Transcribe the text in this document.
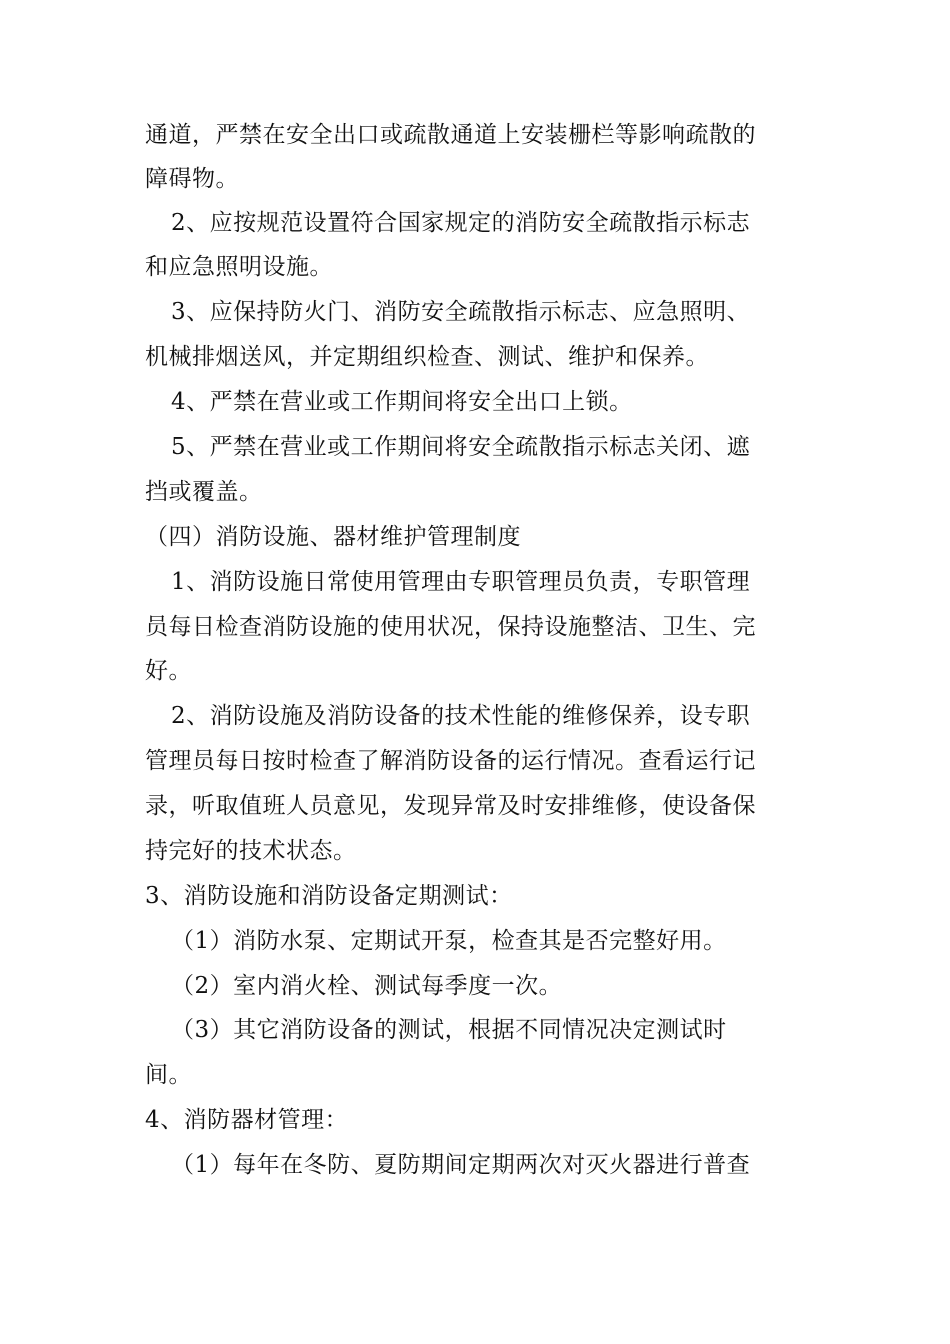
通道，严禁在安全出口或疏散通道上安装栅栏等影响疏散的
障碍物。
2、应按规范设置符合国家规定的消防安全疏散指示标志
和应急照明设施。
3、应保持防火门、消防安全疏散指示标志、应急照明、
机械排烟送风，并定期组织检查、测试、维护和保养。
4、严禁在营业或工作期间将安全出口上锁。
5、严禁在营业或工作期间将安全疏散指示标志关闭、遮
挡或覆盖。
（四）消防设施、器材维护管理制度
1、消防设施日常使用管理由专职管理员负责，专职管理
员每日检查消防设施的使用状况，保持设施整洁、卫生、完
好。
2、消防设施及消防设备的技术性能的维修保养，设专职
管理员每日按时检查了解消防设备的运行情况。查看运行记
录，听取值班人员意见，发现异常及时安排维修，使设备保
持完好的技术状态。
3、消防设施和消防设备定期测试：
（1）消防水泵、定期试开泵，检查其是否完整好用。
（2）室内消火栓、测试每季度一次。
（3）其它消防设备的测试，根据不同情况决定测试时
间。
4、消防器材管理：
（1）每年在冬防、夏防期间定期两次对灭火器进行普查
